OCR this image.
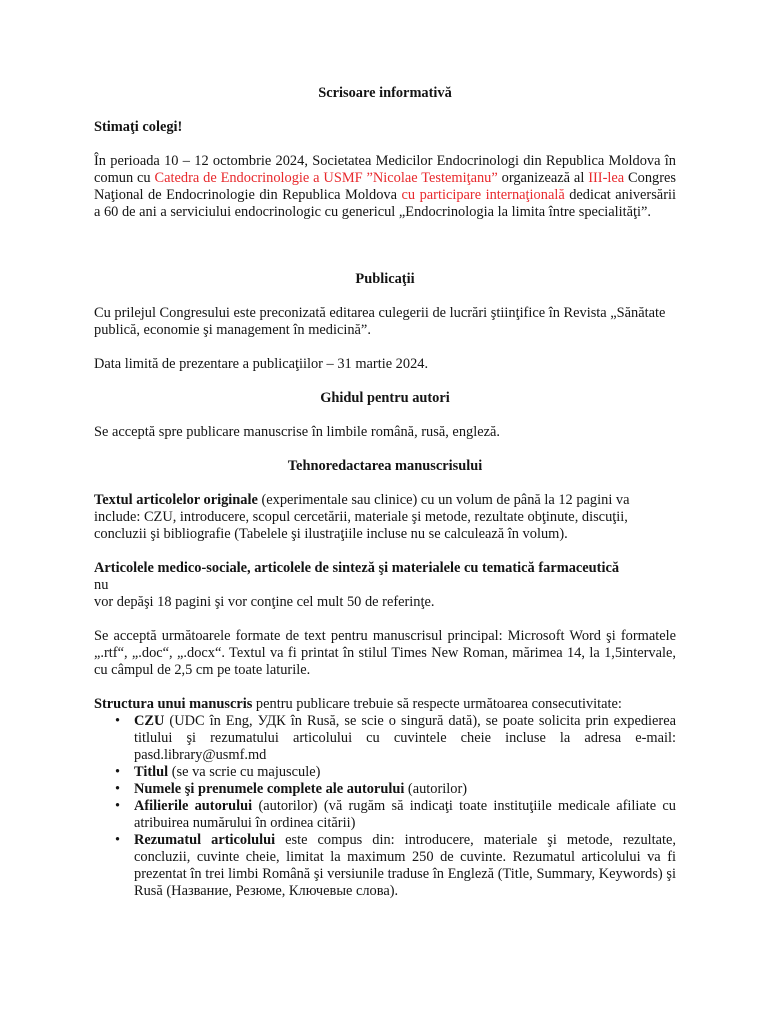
Scrisoare informativă

Stimaţi colegi!

În perioada 10 – 12 octombrie 2024, Societatea Medicilor Endocrinologi din Republica Moldova în comun cu Catedra de Endocrinologie a USMF ”Nicolae Testemiţanu” organizează al III-lea Congres Naţional de Endocrinologie din Republica Moldova cu participare internaţională dedicat aniversării a 60 de ani a serviciului endocrinologic cu genericul „Endocrinologia la limita între specialităţi”.

Publicaţii

Cu prilejul Congresului este preconizată editarea culegerii de lucrări ştiinţifice în Revista „Sănătate publică, economie şi management în medicină”.

Data limită de prezentare a publicaţiilor – 31 martie 2024.

Ghidul pentru autori

Se acceptă spre publicare manuscrise în limbile română, rusă, engleză.

Tehnoredactarea manuscrisului

Textul articolelor originale (experimentale sau clinice) cu un volum de până la 12 pagini va include: CZU, introducere, scopul cercetării, materiale şi metode, rezultate obţinute, discuţii, concluzii şi bibliografie (Tabelele şi ilustraţiile incluse nu se calculează în volum).

Articolele medico-sociale, articolele de sinteză şi materialele cu tematică farmaceutică
nu
vor depăşi 18 pagini şi vor conţine cel mult 50 de referinţe.

Se acceptă următoarele formate de text pentru manuscrisul principal: Microsoft Word şi formatele „.rtf“, „.doc“, „.docx“. Textul va fi printat în stilul Times New Roman, mărimea 14, la 1,5intervale, cu câmpul de 2,5 cm pe toate laturile.

Structura unui manuscris pentru publicare trebuie să respecte următoarea consecutivitate:

• CZU (UDC în Eng, УДК în Rusă, se scie o singură dată), se poate solicita prin expedierea titlului şi rezumatului articolului cu cuvintele cheie incluse la adresa e-mail: pasd.library@usmf.md
• Titlul (se va scrie cu majuscule)
• Numele şi prenumele complete ale autorului (autorilor)
• Afilierile autorului (autorilor) (vă rugăm să indicaţi toate instituţiile medicale afiliate cu atribuirea numărului în ordinea citării)
• Rezumatul articolului este compus din: introducere, materiale şi metode, rezultate, concluzii, cuvinte cheie, limitat la maximum 250 de cuvinte. Rezumatul articolului va fi prezentat în trei limbi Română şi versiunile traduse în Engleză (Title, Summary, Keywords) şi Rusă (Название, Резюме, Ключевые слова).
